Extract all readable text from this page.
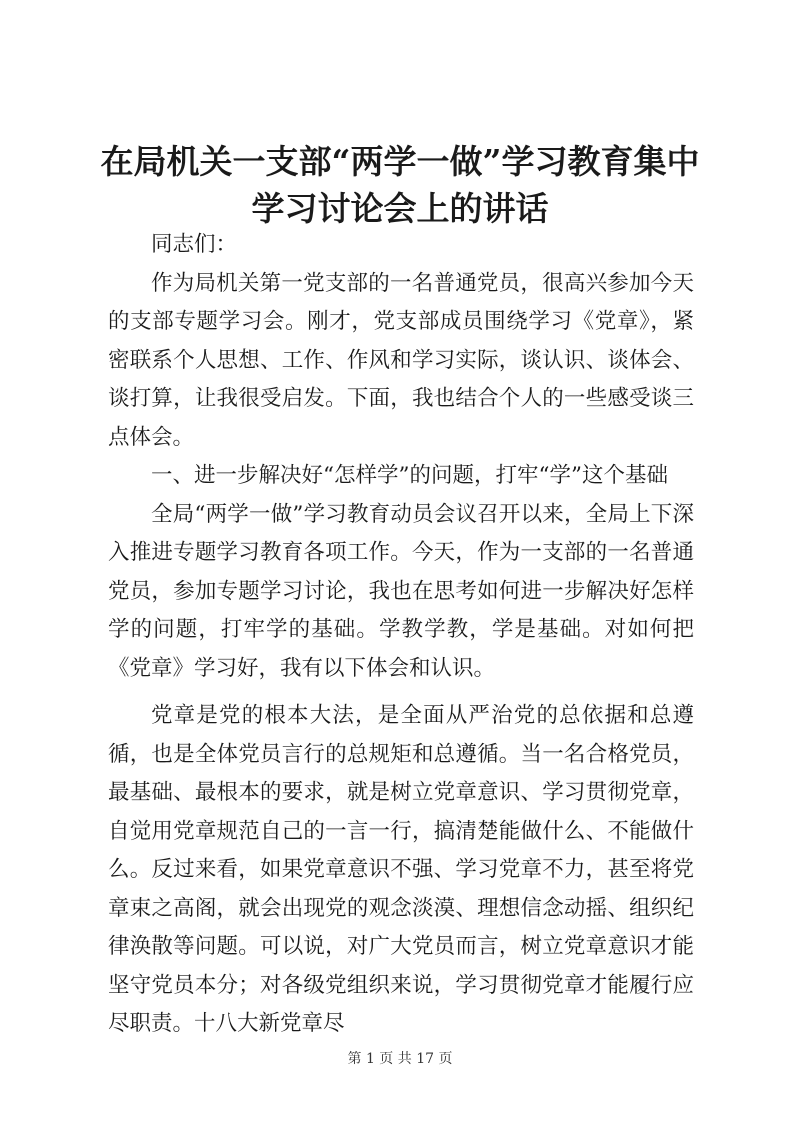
在局机关一支部“两学一做”学习教育集中学习讨论会上的讲话

同志们：

作为局机关第一党支部的一名普通党员，很高兴参加今天的支部专题学习会。刚才，党支部成员围绕学习《党章》，紧密联系个人思想、工作、作风和学习实际，谈认识、谈体会、谈打算，让我很受启发。下面，我也结合个人的一些感受谈三点体会。

一、进一步解决好“怎样学”的问题，打牢“学”这个基础

全局“两学一做”学习教育动员会议召开以来，全局上下深入推进专题学习教育各项工作。今天，作为一支部的一名普通党员，参加专题学习讨论，我也在思考如何进一步解决好怎样学的问题，打牢学的基础。学教学教，学是基础。对如何把《党章》学习好，我有以下体会和认识。

党章是党的根本大法，是全面从严治党的总依据和总遵循，也是全体党员言行的总规矩和总遵循。当一名合格党员，最基础、最根本的要求，就是树立党章意识、学习贯彻党章，自觉用党章规范自己的一言一行，搞清楚能做什么、不能做什么。反过来看，如果党章意识不强、学习党章不力，甚至将党章束之高阁，就会出现党的观念淡漠、理想信念动摇、组织纪律涣散等问题。可以说，对广大党员而言，树立党章意识才能坚守党员本分；对各级党组织来说，学习贯彻党章才能履行应尽职责。十八大新党章尽

第 1 页 共 17 页
